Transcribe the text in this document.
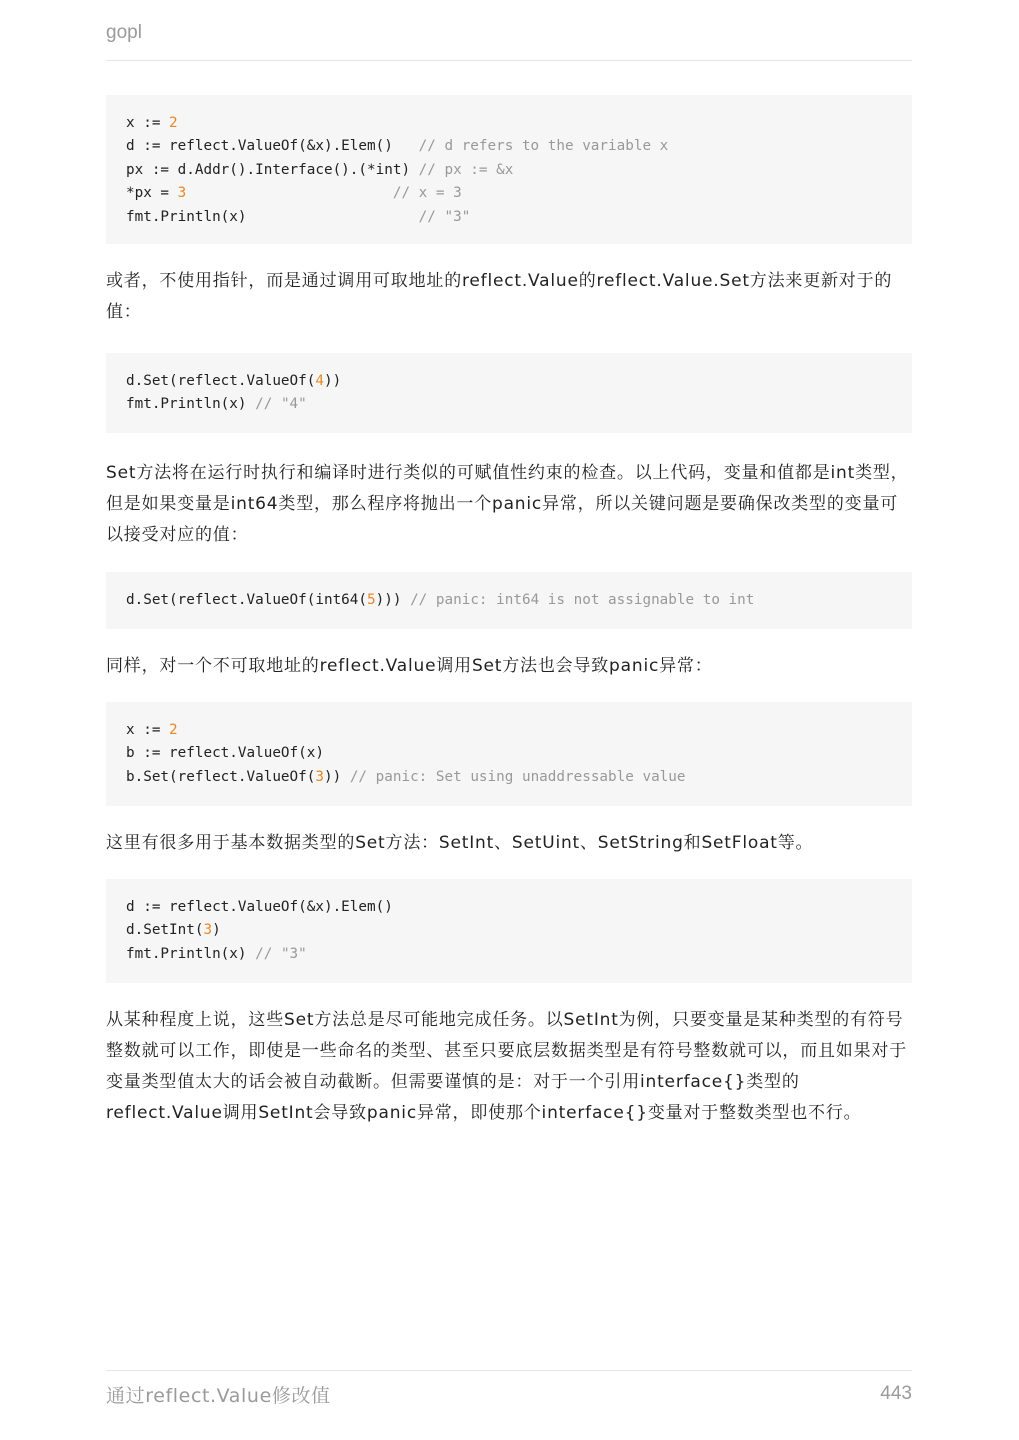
gopl
x := 2
d := reflect.ValueOf(&x).Elem()   // d refers to the variable x
px := d.Addr().Interface().(*int) // px := &x
*px = 3	// x = 3
fmt.Println(x)                    // "3"

或者，不使用指针，而是通过调用可取地址的reflect.Value的reflect.Value.Set方法来更新对于的值：

d.Set(reflect.ValueOf(4))
fmt.Println(x) // "4"

Set方法将在运行时执行和编译时进行类似的可赋值性约束的检查。以上代码，变量和值都是int类型，但是如果变量是int64类型，那么程序将抛出一个panic异常，所以关键问题是要确保改类型的变量可以接受对应的值：

d.Set(reflect.ValueOf(int64(5))) // panic: int64 is not assignable to int

同样，对一个不可取地址的reflect.Value调用Set方法也会导致panic异常：

x := 2
b := reflect.ValueOf(x)
b.Set(reflect.ValueOf(3)) // panic: Set using unaddressable value

这里有很多用于基本数据类型的Set方法：SetInt、SetUint、SetString和SetFloat等。

d := reflect.ValueOf(&x).Elem()
d.SetInt(3)
fmt.Println(x) // "3"

从某种程度上说，这些Set方法总是尽可能地完成任务。以SetInt为例，只要变量是某种类型的有符号整数就可以工作，即使是一些命名的类型、甚至只要底层数据类型是有符号整数就可以，而且如果对于变量类型值太大的话会被自动截断。但需要谨慎的是：对于一个引用interface{}类型的reflect.Value调用SetInt会导致panic异常，即使那个interface{}变量对于整数类型也不行。

通过reflect.Value修改值	443
